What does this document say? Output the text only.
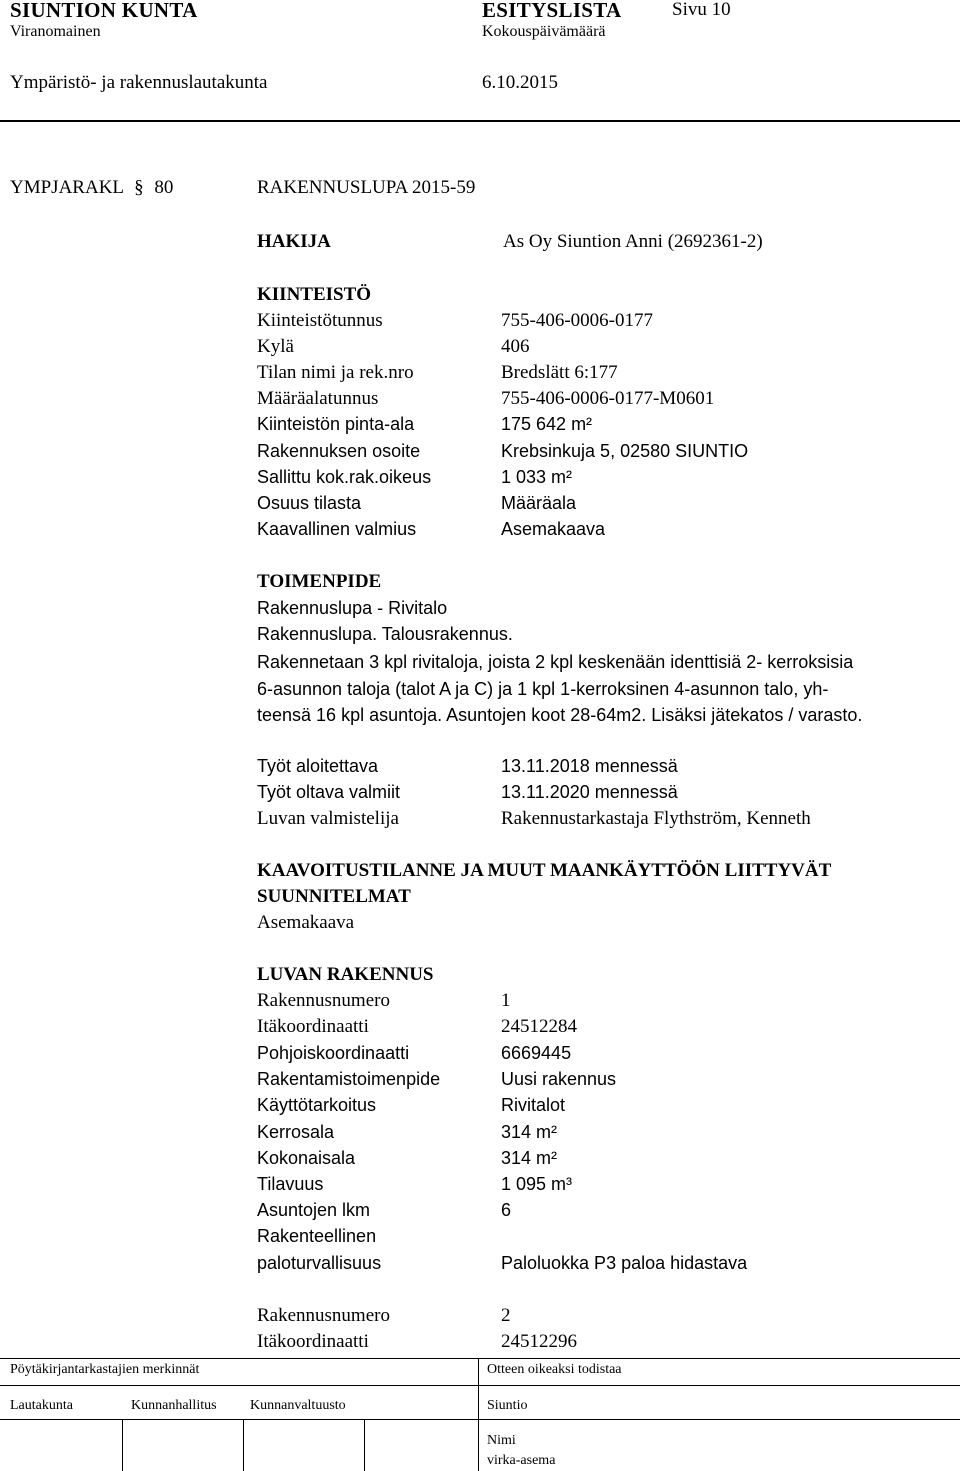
SIUNTION KUNTA	ESITYSLISTA	Sivu 10
Viranomainen	Kokouspäivämäärä
Ympäristö- ja rakennuslautakunta	6.10.2015
YMPJARAKL § 80	RAKENNUSLUPA 2015-59
HAKIJA	As Oy Siuntion Anni (2692361-2)
KIINTEISTÖ
Kiinteistötunnus	755-406-0006-0177
Kylä	406
Tilan nimi ja rek.nro	Bredslätt 6:177
Määräalatunnus	755-406-0006-0177-M0601
Kiinteistön pinta-ala	175 642 m²
Rakennuksen osoite	Krebsinkuja 5, 02580 SIUNTIO
Sallittu kok.rak.oikeus	1 033 m²
Osuus tilasta	Määräala
Kaavallinen valmius	Asemakaava
TOIMENPIDE
Rakennuslupa - Rivitalo
Rakennuslupa. Talousrakennus.
Rakennetaan 3 kpl rivitaloja, joista 2 kpl keskenään identtisiä 2- kerroksisia
6-asunnon taloja (talot A ja C) ja 1 kpl 1-kerroksinen 4-asunnon talo, yh-
teensä 16 kpl asuntoja. Asuntojen koot 28-64m2. Lisäksi jätekatos / varasto.
Työt aloitettava	13.11.2018 mennessä
Työt oltava valmiit	13.11.2020 mennessä
Luvan valmistelija	Rakennustarkastaja Flythström, Kenneth
KAAVOITUSTILANNE JA MUUT MAANKÄYTTÖÖN LIITTYVÄT
SUUNNITELMAT
Asemakaava
LUVAN RAKENNUS
Rakennusnumero	1
Itäkoordinaatti	24512284
Pohjoiskoordinaatti	6669445
Rakentamistoimenpide	Uusi rakennus
Käyttötarkoitus	Rivitalot
Kerrosala	314 m²
Kokonaisala	314 m²
Tilavuus	1 095 m³
Asuntojen lkm	6
Rakenteellinen
paloturvallisuus	Paloluokka P3 paloa hidastava
Rakennusnumero	2
Itäkoordinaatti	24512296
Pöytäkirjantarkastajien merkinnät	Otteen oikeaksi todistaa
Lautakunta	Kunnanhallitus Kunnanvaltuusto	Siuntio
Nimi
virka-asema
